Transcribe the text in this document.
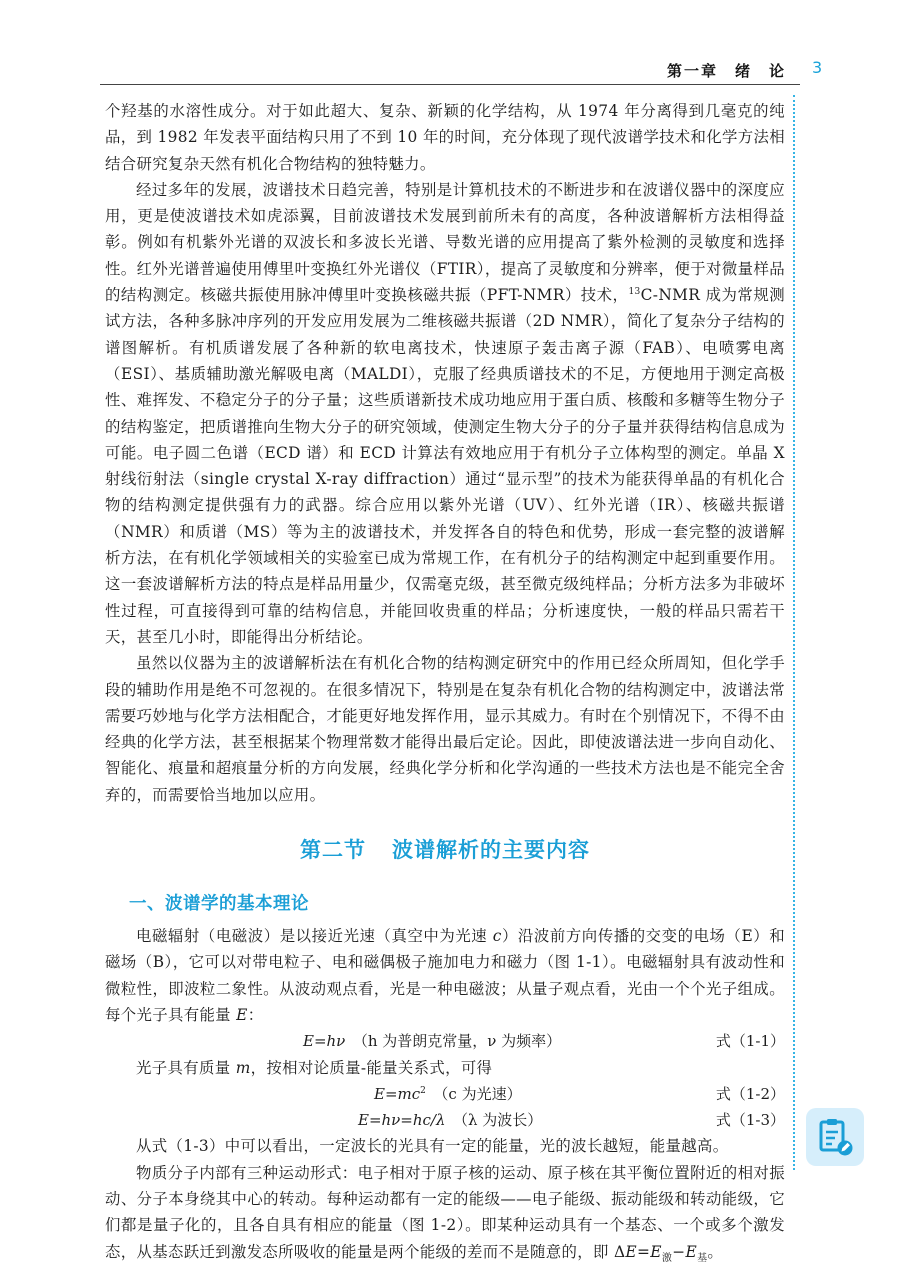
第一章　绪　论 3

个羟基的水溶性成分。对于如此超大、复杂、新颖的化学结构，从 1974 年分离得到几毫克的纯品，到 1982 年发表平面结构只用了不到 10 年的时间，充分体现了现代波谱学技术和化学方法相结合研究复杂天然有机化合物结构的独特魅力。

经过多年的发展，波谱技术日趋完善，特别是计算机技术的不断进步和在波谱仪器中的深度应用，更是使波谱技术如虎添翼，目前波谱技术发展到前所未有的高度，各种波谱解析方法相得益彰。例如有机紫外光谱的双波长和多波长光谱、导数光谱的应用提高了紫外检测的灵敏度和选择性。红外光谱普遍使用傅里叶变换红外光谱仪（FTIR），提高了灵敏度和分辨率，便于对微量样品的结构测定。核磁共振使用脉冲傅里叶变换核磁共振（PFT-NMR）技术，$^{13}$C-NMR 成为常规测试方法，各种多脉冲序列的开发应用发展为二维核磁共振谱（2D NMR），简化了复杂分子结构的谱图解析。有机质谱发展了各种新的软电离技术，快速原子轰击离子源（FAB）、电喷雾电离（ESI）、基质辅助激光解吸电离（MALDI），克服了经典质谱技术的不足，方便地用于测定高极性、难挥发、不稳定分子的分子量；这些质谱新技术成功地应用于蛋白质、核酸和多糖等生物分子的结构鉴定，把质谱推向生物大分子的研究领域，使测定生物大分子的分子量并获得结构信息成为可能。电子圆二色谱（ECD 谱）和 ECD 计算法有效地应用于有机分子立体构型的测定。单晶 X 射线衍射法（single crystal X-ray diffraction）通过“显示型”的技术为能获得单晶的有机化合物的结构测定提供强有力的武器。综合应用以紫外光谱（UV）、红外光谱（IR）、核磁共振谱（NMR）和质谱（MS）等为主的波谱技术，并发挥各自的特色和优势，形成一套完整的波谱解析方法，在有机化学领域相关的实验室已成为常规工作，在有机分子的结构测定中起到重要作用。这一套波谱解析方法的特点是样品用量少，仅需毫克级，甚至微克级纯样品；分析方法多为非破坏性过程，可直接得到可靠的结构信息，并能回收贵重的样品；分析速度快，一般的样品只需若干天，甚至几小时，即能得出分析结论。

虽然以仪器为主的波谱解析法在有机化合物的结构测定研究中的作用已经众所周知，但化学手段的辅助作用是绝不可忽视的。在很多情况下，特别是在复杂有机化合物的结构测定中，波谱法常需要巧妙地与化学方法相配合，才能更好地发挥作用，显示其威力。有时在个别情况下，不得不由经典的化学方法，甚至根据某个物理常数才能得出最后定论。因此，即使波谱法进一步向自动化、智能化、痕量和超痕量分析的方向发展，经典化学分析和化学沟通的一些技术方法也是不能完全舍弃的，而需要恰当地加以应用。

第二节 波谱解析的主要内容
一、波谱学的基本理论

电磁辐射（电磁波）是以接近光速（真空中为光速 c）沿波前方向传播的交变的电场（E）和磁场（B），它可以对带电粒子、电和磁偶极子施加电力和磁力（图 1-1）。电磁辐射具有波动性和微粒性，即波粒二象性。从波动观点看，光是一种电磁波；从量子观点看，光由一个个光子组成。每个光子具有能量 E：

E=hν　 （h 为普朗克常量，ν 为频率）	式（1-1）

光子具有质量 m，按相对论质量-能量关系式，可得

$E=mc^2$　 （c 为光速）	式（1-2）
E=hν=hc/λ　 （λ 为波长）	式（1-3）

从式（1-3）中可以看出，一定波长的光具有一定的能量，光的波长越短，能量越高。

物质分子内部有三种运动形式：电子相对于原子核的运动、原子核在其平衡位置附近的相对振动、分子本身绕其中心的转动。每种运动都有一定的能级——电子能级、振动能级和转动能级，它们都是量子化的，且各自具有相应的能量（图 1-2）。即某种运动具有一个基态、一个或多个激发态，从基态跃迁到激发态所吸收的能量是两个能级的差而不是随意的，即 $\Delta E=E_激-E_基$。
